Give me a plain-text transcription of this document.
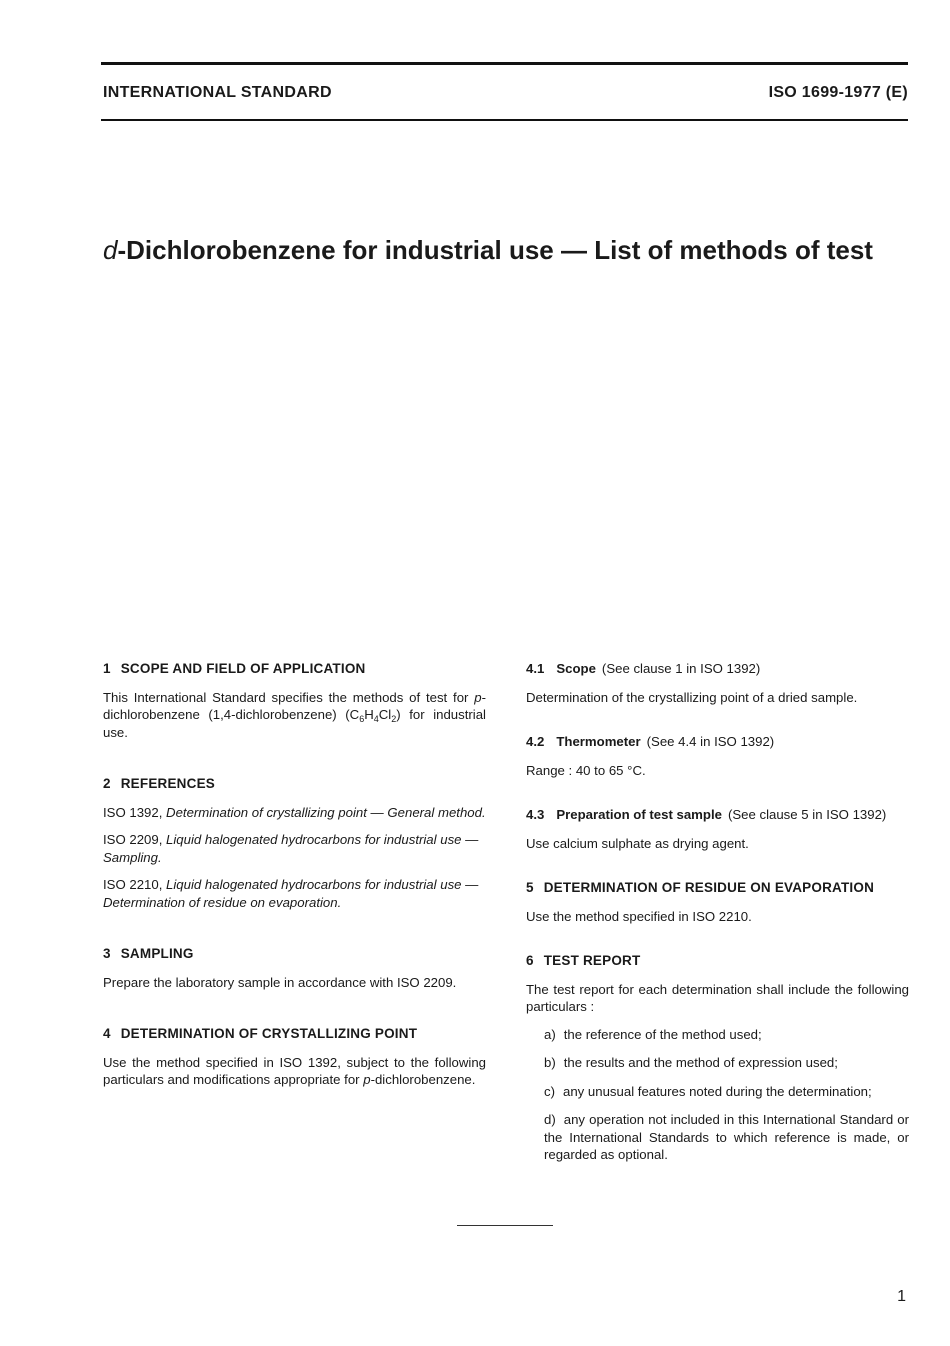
INTERNATIONAL STANDARD	ISO 1699-1977 (E)
d-Dichlorobenzene for industrial use — List of methods of test
1 SCOPE AND FIELD OF APPLICATION

This International Standard specifies the methods of test for p-dichlorobenzene (1,4-dichlorobenzene) $(C_6H_4Cl_2)$ for industrial use.

2 REFERENCES

ISO 1392, Determination of crystallizing point — General method.

ISO 2209, Liquid halogenated hydrocarbons for industrial use — Sampling.

ISO 2210, Liquid halogenated hydrocarbons for industrial use — Determination of residue on evaporation.

3 SAMPLING

Prepare the laboratory sample in accordance with ISO 2209.

4 DETERMINATION OF CRYSTALLIZING POINT

Use the method specified in ISO 1392, subject to the following particulars and modifications appropriate for p-dichlorobenzene.

4.1 Scope (See clause 1 in ISO 1392)

Determination of the crystallizing point of a dried sample.

4.2 Thermometer (See 4.4 in ISO 1392)

Range : 40 to 65 °C.

4.3 Preparation of test sample (See clause 5 in ISO 1392)

Use calcium sulphate as drying agent.

5 DETERMINATION OF RESIDUE ON EVAPORATION

Use the method specified in ISO 2210.

6 TEST REPORT

The test report for each determination shall include the following particulars :

a) the reference of the method used;

b) the results and the method of expression used;

c) any unusual features noted during the determination;

d) any operation not included in this International Standard or the International Standards to which reference is made, or regarded as optional.

1
